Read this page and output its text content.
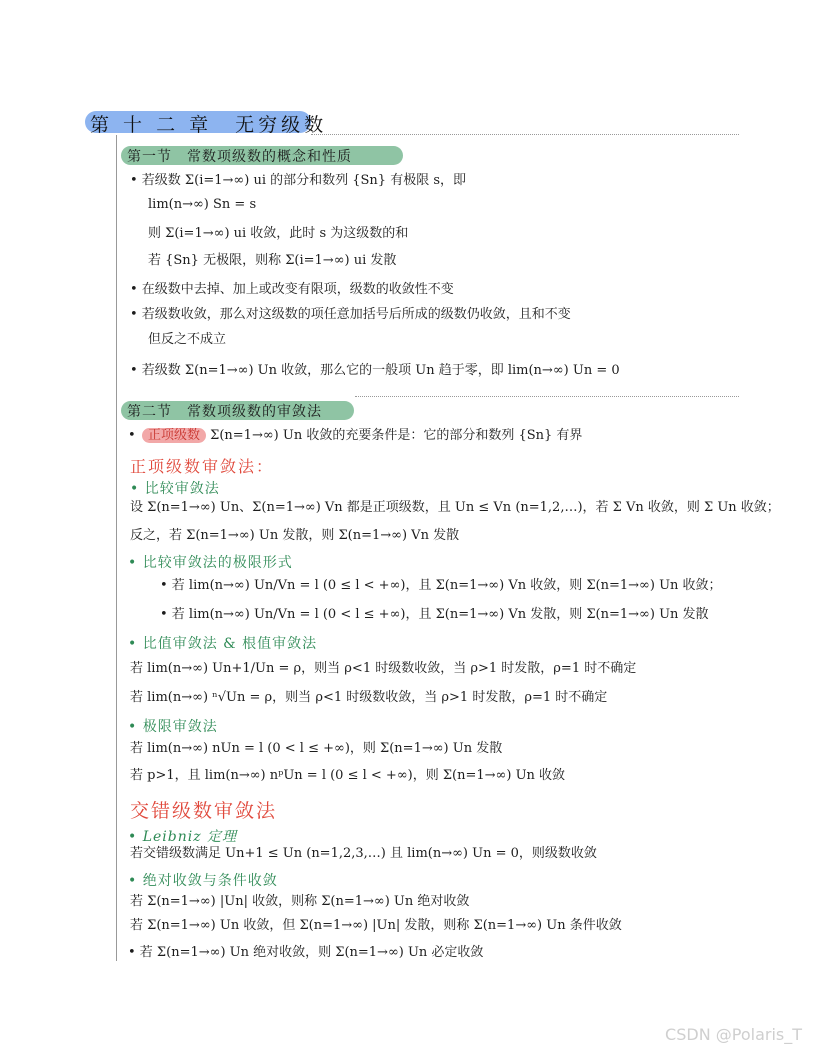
第 十 二 章　无穷级数
第一节　常数项级数的概念和性质
• 若级数 Σ(i=1→∞) ui 的部分和数列 {Sn} 有极限 s，即
lim(n→∞) Sn = s
则 Σ(i=1→∞) ui 收敛，此时 s 为这级数的和
若 {Sn} 无极限，则称 Σ(i=1→∞) ui 发散
• 在级数中去掉、加上或改变有限项，级数的收敛性不变
• 若级数收敛，那么对这级数的项任意加括号后所成的级数仍收敛，且和不变
但反之不成立
• 若级数 Σ(n=1→∞) Un 收敛，那么它的一般项 Un 趋于零，即 lim(n→∞) Un = 0
第二节　常数项级数的审敛法
• 正项级数 Σ(n=1→∞) Un 收敛的充要条件是：它的部分和数列 {Sn} 有界
正项级数审敛法：
• 比较审敛法
设 Σ(n=1→∞) Un、Σ(n=1→∞) Vn 都是正项级数，且 Un ≤ Vn (n=1,2,…)，若 Σ Vn 收敛，则 Σ Un 收敛；
反之，若 Σ(n=1→∞) Un 发散，则 Σ(n=1→∞) Vn 发散
• 比较审敛法的极限形式
• 若 lim(n→∞) Un/Vn = l (0 ≤ l < +∞)，且 Σ(n=1→∞) Vn 收敛，则 Σ(n=1→∞) Un 收敛；
• 若 lim(n→∞) Un/Vn = l (0 < l ≤ +∞)，且 Σ(n=1→∞) Vn 发散，则 Σ(n=1→∞) Un 发散
• 比值审敛法 & 根值审敛法
若 lim(n→∞) Un+1/Un = ρ，则当 ρ<1 时级数收敛，当 ρ>1 时发散，ρ=1 时不确定
若 lim(n→∞) ⁿ√Un = ρ，则当 ρ<1 时级数收敛，当 ρ>1 时发散，ρ=1 时不确定
• 极限审敛法
若 lim(n→∞) nUn = l (0 < l ≤ +∞)，则 Σ(n=1→∞) Un 发散
若 p>1，且 lim(n→∞) nᵖUn = l (0 ≤ l < +∞)，则 Σ(n=1→∞) Un 收敛
交错级数审敛法
• Leibniz 定理
若交错级数满足 Un+1 ≤ Un (n=1,2,3,…) 且 lim(n→∞) Un = 0，则级数收敛
• 绝对收敛与条件收敛
若 Σ(n=1→∞) |Un| 收敛，则称 Σ(n=1→∞) Un 绝对收敛
若 Σ(n=1→∞) Un 收敛，但 Σ(n=1→∞) |Un| 发散，则称 Σ(n=1→∞) Un 条件收敛
• 若 Σ(n=1→∞) Un 绝对收敛，则 Σ(n=1→∞) Un 必定收敛
CSDN @Polaris_T
